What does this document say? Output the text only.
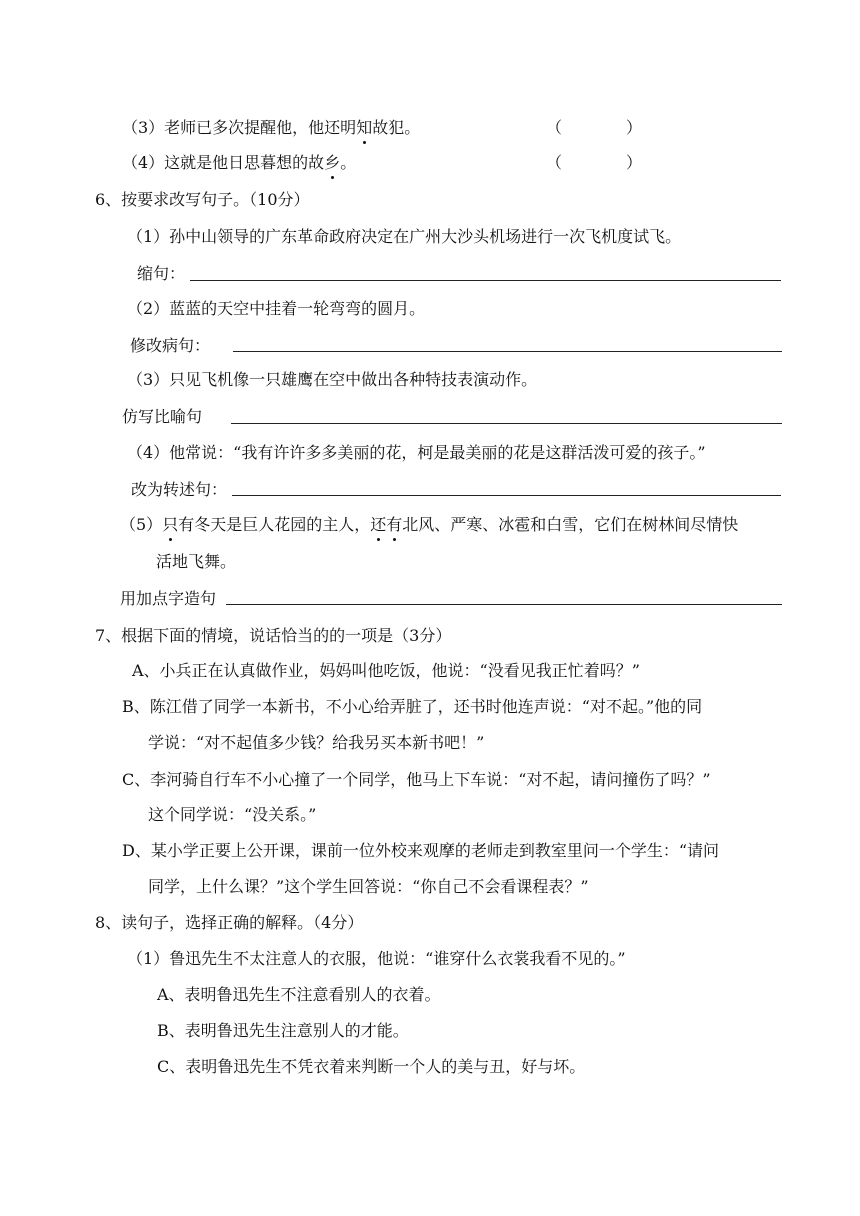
（3）老师已多次提醒他，他还明知故犯。	（　　　　）
（4）这就是他日思暮想的故乡。	（　　　　）
6、按要求改写句子。（10分）
（1）孙中山领导的广东革命政府决定在广州大沙头机场进行一次飞机度试飞。
缩句：
（2）蓝蓝的天空中挂着一轮弯弯的圆月。
修改病句：
（3）只见飞机像一只雄鹰在空中做出各种特技表演动作。
仿写比喻句
（4）他常说：“我有许许多多美丽的花，柯是最美丽的花是这群活泼可爱的孩子。”
改为转述句：
（5）只有冬天是巨人花园的主人，还有北风、严寒、冰雹和白雪，它们在树林间尽情快
活地飞舞。
用加点字造句
7、根据下面的情境，说话恰当的的一项是（3分）
A、小兵正在认真做作业，妈妈叫他吃饭，他说：“没看见我正忙着吗？”
B、陈江借了同学一本新书，不小心给弄脏了，还书时他连声说：“对不起。”他的同
学说：“对不起值多少钱？给我另买本新书吧！”
C、李河骑自行车不小心撞了一个同学，他马上下车说：“对不起，请问撞伤了吗？”
这个同学说：“没关系。”
D、某小学正要上公开课，课前一位外校来观摩的老师走到教室里问一个学生：“请问
同学，上什么课？”这个学生回答说：“你自己不会看课程表？”
8、读句子，选择正确的解释。（4分）
（1）鲁迅先生不太注意人的衣服，他说：“谁穿什么衣裳我看不见的。”
A、表明鲁迅先生不注意看别人的衣着。
B、表明鲁迅先生注意别人的才能。
C、表明鲁迅先生不凭衣着来判断一个人的美与丑，好与坏。
